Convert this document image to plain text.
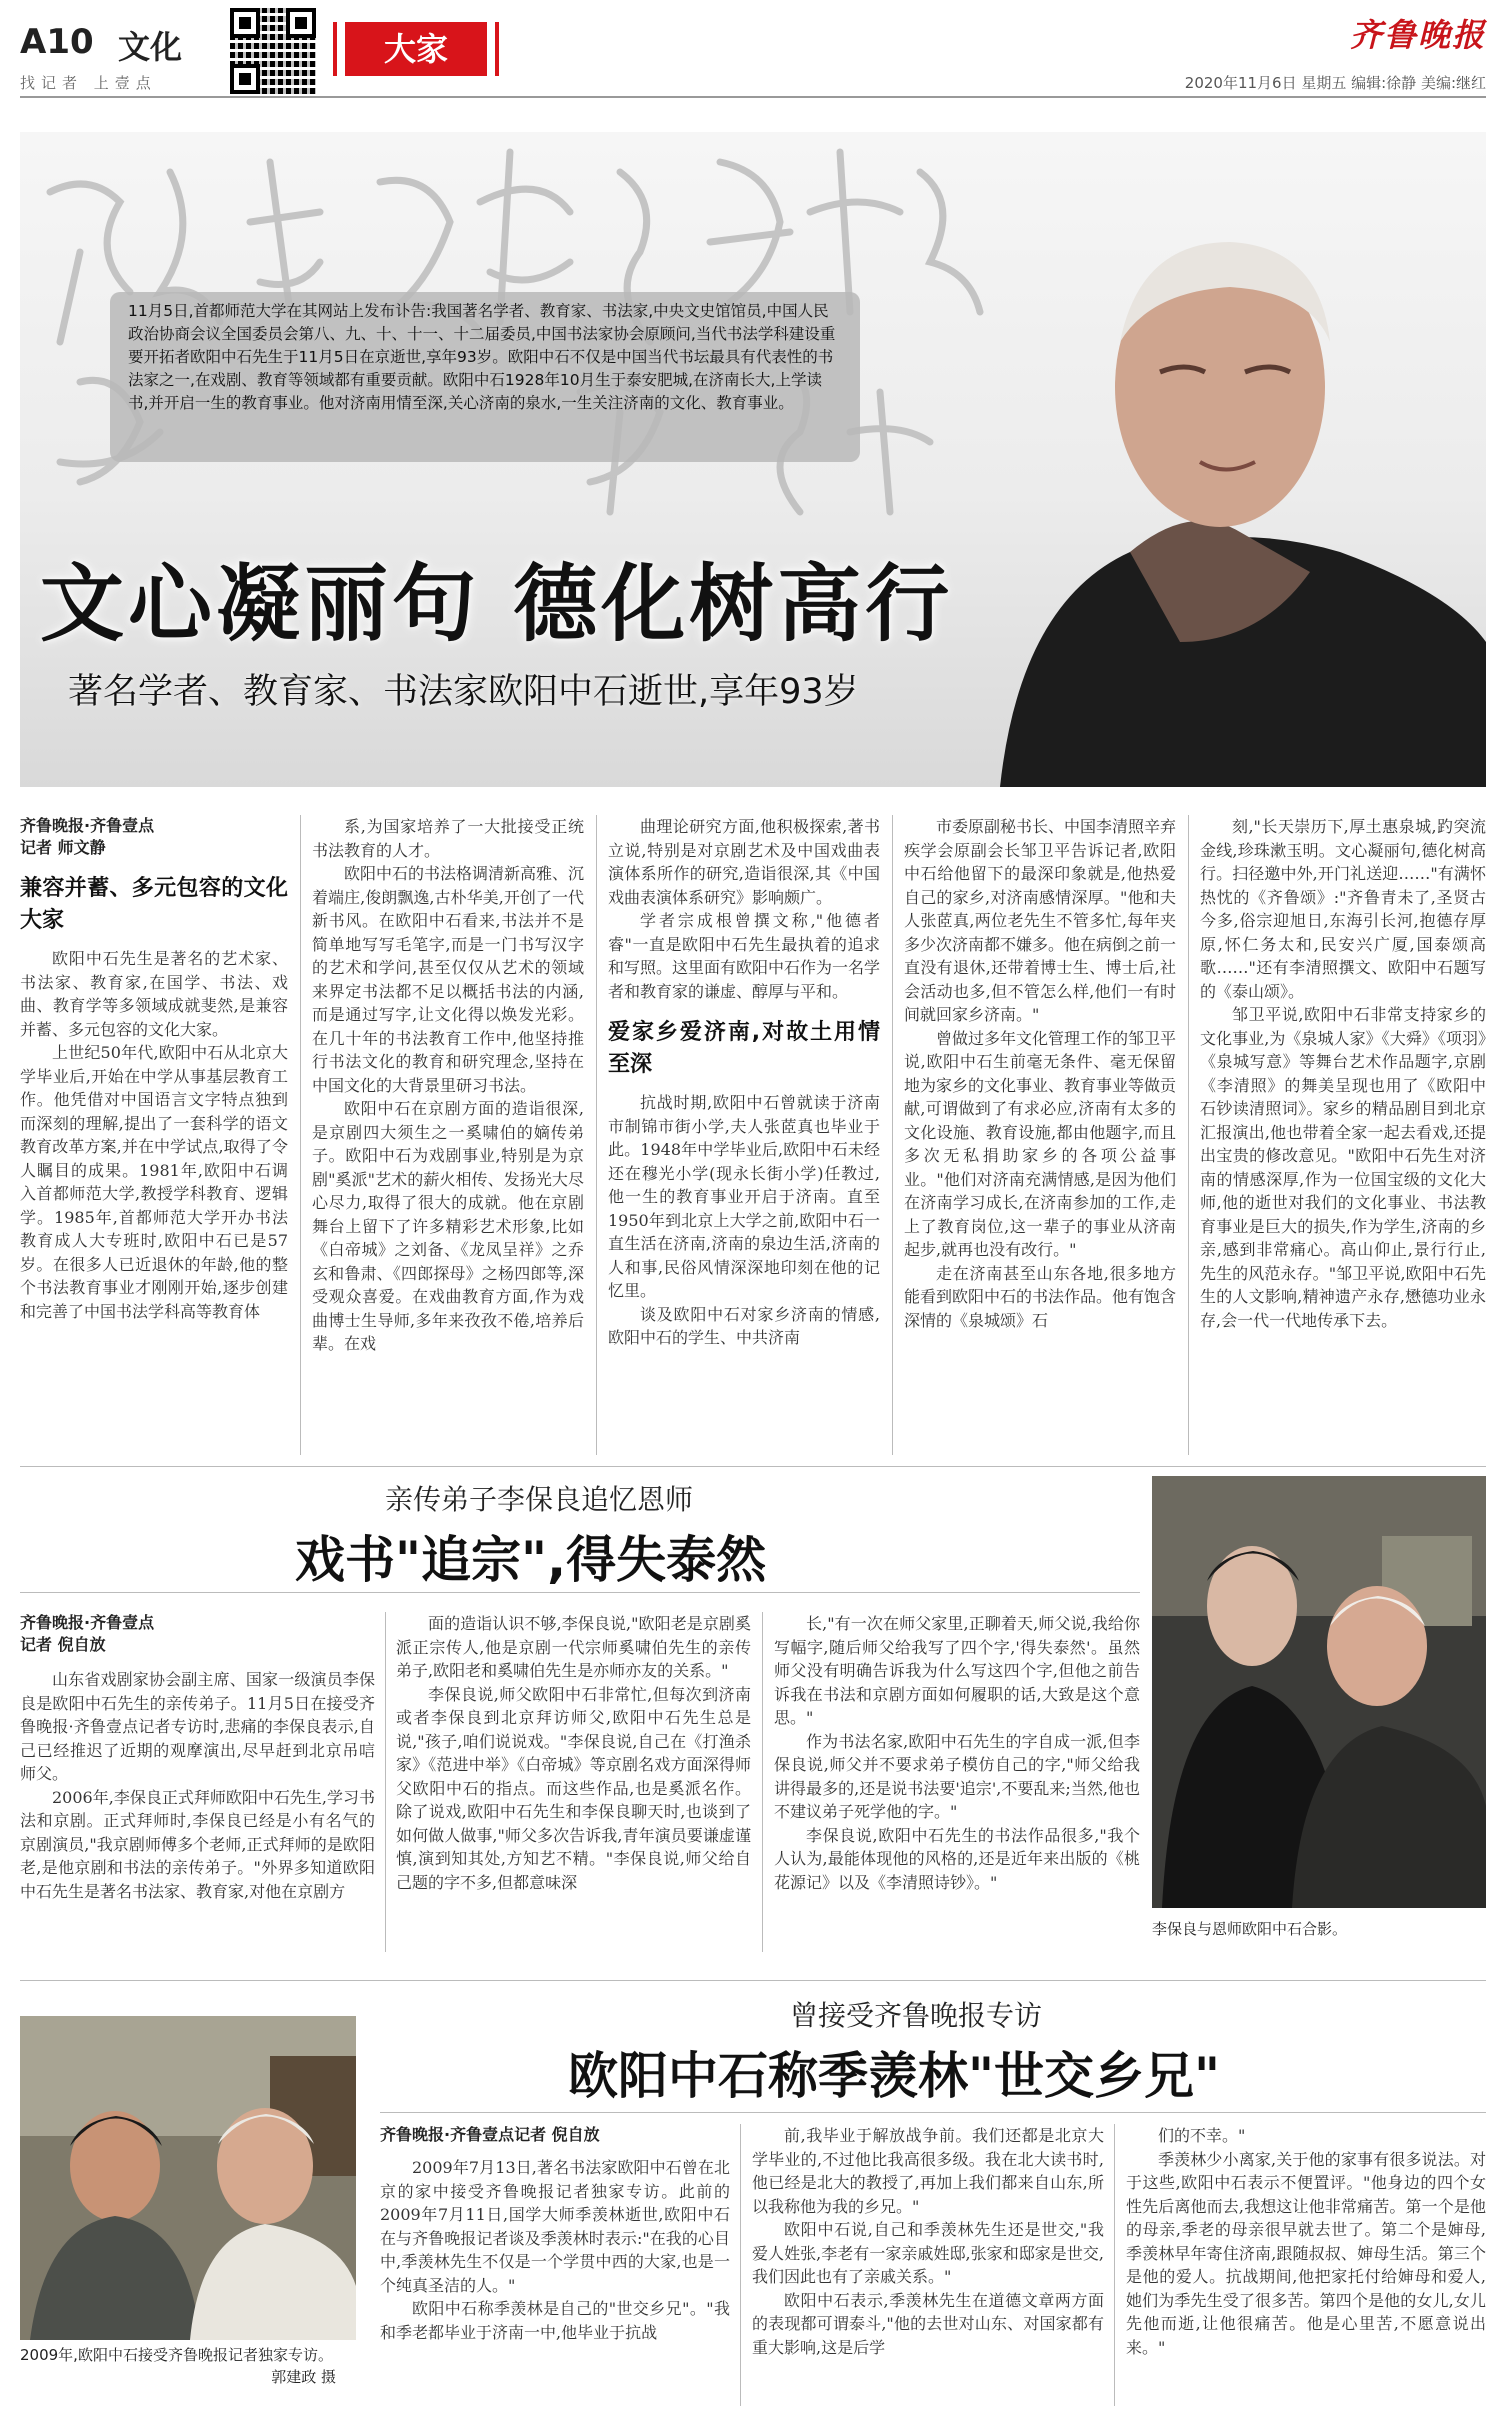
A10 文化
找记者 上壹点
大家	齐鲁晚报
2020年11月6日 星期五 编辑:徐静 美编:继红
11月5日,首都师范大学在其网站上发布讣告:我国著名学者、教育家、书法家,中央文史馆馆员,中国人民政治协商会议全国委员会第八、九、十、十一、十二届委员,中国书法家协会原顾问,当代书法学科建设重要开拓者欧阳中石先生于11月5日在京逝世,享年93岁。欧阳中石不仅是中国当代书坛最具有代表性的书法家之一,在戏剧、教育等领域都有重要贡献。欧阳中石1928年10月生于泰安肥城,在济南长大,上学读书,并开启一生的教育事业。他对济南用情至深,关心济南的泉水,一生关注济南的文化、教育事业。
文心凝丽句 德化树高行
著名学者、教育家、书法家欧阳中石逝世,享年93岁

齐鲁晚报·齐鲁壹点

记者 师文静

兼容并蓄、多元包容的文化大家

欧阳中石先生是著名的艺术家、书法家、教育家,在国学、书法、戏曲、教育学等多领域成就斐然,是兼容并蓄、多元包容的文化大家。

上世纪50年代,欧阳中石从北京大学毕业后,开始在中学从事基层教育工作。他凭借对中国语言文字特点独到而深刻的理解,提出了一套科学的语文教育改革方案,并在中学试点,取得了令人瞩目的成果。1981年,欧阳中石调入首都师范大学,教授学科教育、逻辑学。1985年,首都师范大学开办书法教育成人大专班时,欧阳中石已是57岁。在很多人已近退休的年龄,他的整个书法教育事业才刚刚开始,逐步创建和完善了中国书法学科高等教育体

系,为国家培养了一大批接受正统书法教育的人才。

欧阳中石的书法格调清新高雅、沉着端庄,俊朗飘逸,古朴华美,开创了一代新书风。在欧阳中石看来,书法并不是简单地写写毛笔字,而是一门书写汉字的艺术和学问,甚至仅仅从艺术的领域来界定书法都不足以概括书法的内涵,而是通过写字,让文化得以焕发光彩。在几十年的书法教育工作中,他坚持推行书法文化的教育和研究理念,坚持在中国文化的大背景里研习书法。

欧阳中石在京剧方面的造诣很深,是京剧四大须生之一奚啸伯的嫡传弟子。欧阳中石为戏剧事业,特别是为京剧"奚派"艺术的薪火相传、发扬光大尽心尽力,取得了很大的成就。他在京剧舞台上留下了许多精彩艺术形象,比如《白帝城》之刘备、《龙凤呈祥》之乔玄和鲁肃、《四郎探母》之杨四郎等,深受观众喜爱。在戏曲教育方面,作为戏曲博士生导师,多年来孜孜不倦,培养后辈。在戏

曲理论研究方面,他积极探索,著书立说,特别是对京剧艺术及中国戏曲表演体系所作的研究,造诣很深,其《中国戏曲表演体系研究》影响颇广。

学者宗成根曾撰文称,"他德者睿"一直是欧阳中石先生最执着的追求和写照。这里面有欧阳中石作为一名学者和教育家的谦虚、醇厚与平和。

爱家乡爱济南,对故土用情至深

抗战时期,欧阳中石曾就读于济南市制锦市街小学,夫人张茝真也毕业于此。1948年中学毕业后,欧阳中石未经还在穆光小学(现永长街小学)任教过,他一生的教育事业开启于济南。直至1950年到北京上大学之前,欧阳中石一直生活在济南,济南的泉边生活,济南的人和事,民俗风情深深地印刻在他的记忆里。

谈及欧阳中石对家乡济南的情感,欧阳中石的学生、中共济南

市委原副秘书长、中国李清照辛弃疾学会原副会长邹卫平告诉记者,欧阳中石给他留下的最深印象就是,他热爱自己的家乡,对济南感情深厚。"他和夫人张茝真,两位老先生不管多忙,每年夹多少次济南都不嫌多。他在病倒之前一直没有退休,还带着博士生、博士后,社会活动也多,但不管怎么样,他们一有时间就回家乡济南。"

曾做过多年文化管理工作的邹卫平说,欧阳中石生前毫无条件、毫无保留地为家乡的文化事业、教育事业等做贡献,可谓做到了有求必应,济南有太多的文化设施、教育设施,都由他题字,而且多次无私捐助家乡的各项公益事业。"他们对济南充满情感,是因为他们在济南学习成长,在济南参加的工作,走上了教育岗位,这一辈子的事业从济南起步,就再也没有改行。"

走在济南甚至山东各地,很多地方能看到欧阳中石的书法作品。他有饱含深情的《泉城颂》石

刻,"长天崇历下,厚土惠泉城,趵突流金线,珍珠漱玉明。文心凝丽句,德化树高行。扫径邀中外,开门礼送迎……"有满怀热忱的《齐鲁颂》:"齐鲁青未了,圣贤古今多,俗宗迎旭日,东海引长河,抱德存厚原,怀仁务太和,民安兴广厦,国泰颂高歌……"还有李清照撰文、欧阳中石题写的《泰山颂》。

邹卫平说,欧阳中石非常支持家乡的文化事业,为《泉城人家》《大舜》《项羽》《泉城写意》等舞台艺术作品题字,京剧《李清照》的舞美呈现也用了《欧阳中石钞读清照词》。家乡的精品剧目到北京汇报演出,他也带着全家一起去看戏,还提出宝贵的修改意见。"欧阳中石先生对济南的情感深厚,作为一位国宝级的文化大师,他的逝世对我们的文化事业、书法教育事业是巨大的损失,作为学生,济南的乡亲,感到非常痛心。高山仰止,景行行止,先生的风范永存。"邹卫平说,欧阳中石先生的人文影响,精神遗产永存,懋德功业永存,会一代一代地传承下去。

亲传弟子李保良追忆恩师
戏书"追宗",得失泰然

齐鲁晚报·齐鲁壹点

记者 倪自放

山东省戏剧家协会副主席、国家一级演员李保良是欧阳中石先生的亲传弟子。11月5日在接受齐鲁晚报·齐鲁壹点记者专访时,悲痛的李保良表示,自己已经推迟了近期的观摩演出,尽早赶到北京吊唁师父。

2006年,李保良正式拜师欧阳中石先生,学习书法和京剧。正式拜师时,李保良已经是小有名气的京剧演员,"我京剧师傅多个老师,正式拜师的是欧阳老,是他京剧和书法的亲传弟子。"外界多知道欧阳中石先生是著名书法家、教育家,对他在京剧方

面的造诣认识不够,李保良说,"欧阳老是京剧奚派正宗传人,他是京剧一代宗师奚啸伯先生的亲传弟子,欧阳老和奚啸伯先生是亦师亦友的关系。"

李保良说,师父欧阳中石非常忙,但每次到济南或者李保良到北京拜访师父,欧阳中石先生总是说,"孩子,咱们说说戏。"李保良说,自己在《打渔杀家》《范进中举》《白帝城》等京剧名戏方面深得师父欧阳中石的指点。而这些作品,也是奚派名作。除了说戏,欧阳中石先生和李保良聊天时,也谈到了如何做人做事,"师父多次告诉我,青年演员要谦虚谨慎,演到知其处,方知艺不精。"李保良说,师父给自己题的字不多,但都意味深

长,"有一次在师父家里,正聊着天,师父说,我给你写幅字,随后师父给我写了四个字,'得失泰然'。虽然师父没有明确告诉我为什么写这四个字,但他之前告诉我在书法和京剧方面如何履职的话,大致是这个意思。"

作为书法名家,欧阳中石先生的字自成一派,但李保良说,师父并不要求弟子模仿自己的字,"师父给我讲得最多的,还是说书法要'追宗',不要乱来;当然,他也不建议弟子死学他的字。"

李保良说,欧阳中石先生的书法作品很多,"我个人认为,最能体现他的风格的,还是近年来出版的《桃花源记》以及《李清照诗钞》。"

李保良与恩师欧阳中石合影。
2009年,欧阳中石接受齐鲁晚报记者独家专访。
郭建政 摄
曾接受齐鲁晚报专访
欧阳中石称季羡林"世交乡兄"

齐鲁晚报·齐鲁壹点记者 倪自放

2009年7月13日,著名书法家欧阳中石曾在北京的家中接受齐鲁晚报记者独家专访。此前的2009年7月11日,国学大师季羡林逝世,欧阳中石在与齐鲁晚报记者谈及季羡林时表示:"在我的心目中,季羡林先生不仅是一个学贯中西的大家,也是一个纯真圣洁的人。"

欧阳中石称季羡林是自己的"世交乡兄"。"我和季老都毕业于济南一中,他毕业于抗战

前,我毕业于解放战争前。我们还都是北京大学毕业的,不过他比我高很多级。我在北大读书时,他已经是北大的教授了,再加上我们都来自山东,所以我称他为我的乡兄。"

欧阳中石说,自己和季羡林先生还是世交,"我爱人姓张,李老有一家亲戚姓邸,张家和邸家是世交,我们因此也有了亲戚关系。"

欧阳中石表示,季羡林先生在道德文章两方面的表现都可谓泰斗,"他的去世对山东、对国家都有重大影响,这是后学

们的不幸。"

季羡林少小离家,关于他的家事有很多说法。对于这些,欧阳中石表示不便置评。"他身边的四个女性先后离他而去,我想这让他非常痛苦。第一个是他的母亲,季老的母亲很早就去世了。第二个是婶母,季羡林早年寄住济南,跟随叔叔、婶母生活。第三个是他的爱人。抗战期间,他把家托付给婶母和爱人,她们为季先生受了很多苦。第四个是他的女儿,女儿先他而逝,让他很痛苦。他是心里苦,不愿意说出来。"
